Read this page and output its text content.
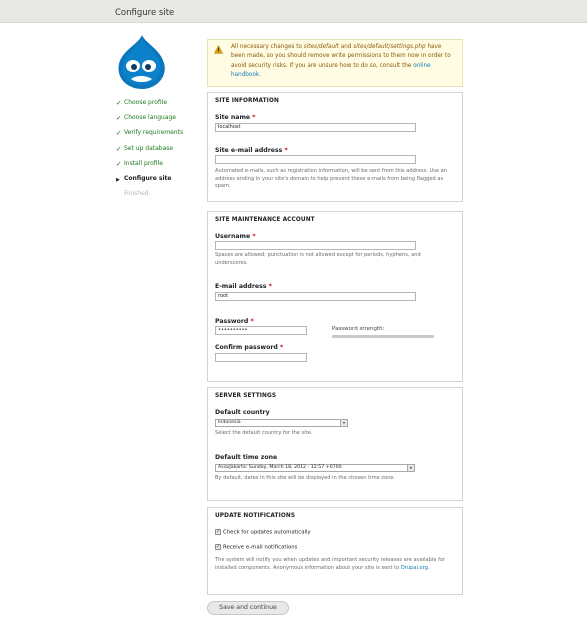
Configure site
✓ Choose profile
✓ Choose language
✓ Verify requirements
✓ Set up database
✓ Install profile
▶ Configure site
Finished
All necessary changes to sites/default and sites/default/settings.php have been made, so you should remove write permissions to them now in order to avoid security risks. If you are unsure how to do so, consult the online handbook.
SITE INFORMATION
Site name *
localhost
Site e-mail address *
Automated e-mails, such as registration information, will be sent from this address. Use an address ending in your site's domain to help prevent these e-mails from being flagged as spam.
SITE MAINTENANCE ACCOUNT
Username *
Spaces are allowed; punctuation is not allowed except for periods, hyphens, and underscores.
E-mail address *
root
Password *
••••••••••	Password strength:
Confirm password *
SERVER SETTINGS
Default country
Indonesia	▾
Select the default country for the site.
Default time zone
Asia/Jakarta: Sunday, March 18, 2012 - 12:57 +0700	▾
By default, dates in this site will be displayed in the chosen time zone.
UPDATE NOTIFICATIONS
✓ Check for updates automatically
✓ Receive e-mail notifications
The system will notify you when updates and important security releases are available for installed components. Anonymous information about your site is sent to Drupal.org.
Save and continue
